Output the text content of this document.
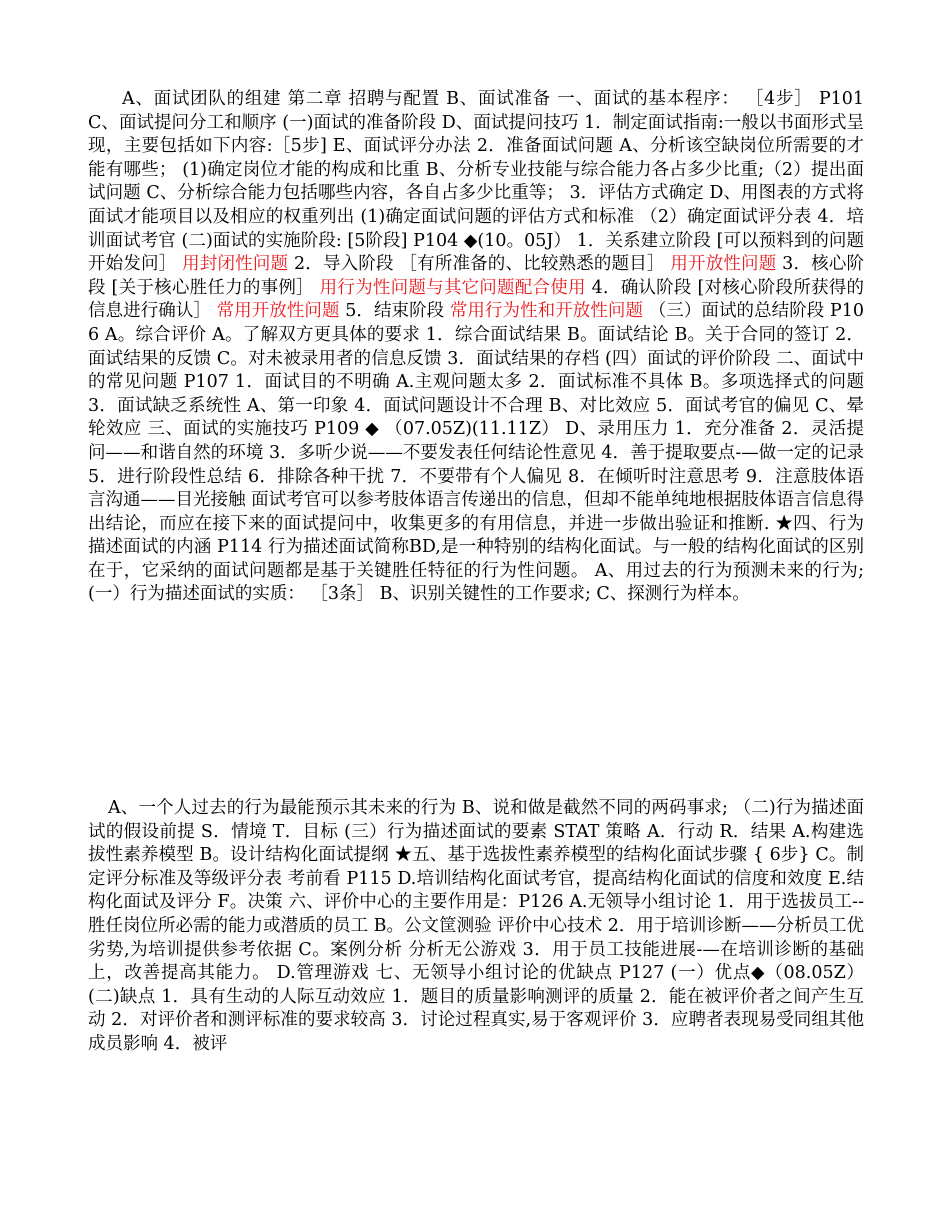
A、面试团队的组建 第二章 招聘与配置 B、面试准备 一、面试的基本程序： ［4步］ P101 C、面试提问分工和顺序 (一)面试的准备阶段 D、面试提问技巧 1．制定面试指南:一般以书面形式呈现，主要包括如下内容:［5步] E、面试评分办法 2．准备面试问题 A、分析该空缺岗位所需要的才能有哪些； (1)确定岗位才能的构成和比重 B、分析专业技能与综合能力各占多少比重;（2）提出面试问题 C、分析综合能力包括哪些内容，各自占多少比重等； 3．评估方式确定 D、用图表的方式将面试才能项目以及相应的权重列出 (1)确定面试问题的评估方式和标准 （2）确定面试评分表 4．培训面试考官 (二)面试的实施阶段: [5阶段] P104 ◆(10。05J） 1．关系建立阶段 [可以预料到的问题开始发问］ 用封闭性问题 2．导入阶段 ［有所准备的、比较熟悉的题目］ 用开放性问题 3．核心阶段 [关于核心胜任力的事例］ 用行为性问题与其它问题配合使用 4．确认阶段 [对核心阶段所获得的信息进行确认］ 常用开放性问题 5．结束阶段 常用行为性和开放性问题 （三）面试的总结阶段 P106 A。综合评价 A。了解双方更具体的要求 1．综合面试结果 B。面试结论 B。关于合同的签订 2．面试结果的反馈 C。对未被录用者的信息反馈 3．面试结果的存档 (四）面试的评价阶段 二、面试中的常见问题 P107 1．面试目的不明确 A.主观问题太多 2．面试标准不具体 B。多项选择式的问题 3．面试缺乏系统性 A、第一印象 4．面试问题设计不合理 B、对比效应 5．面试考官的偏见 C、晕轮效应 三、面试的实施技巧 P109 ◆ （07.05Z)(11.11Z） D、录用压力 1．充分准备 2．灵活提问——和谐自然的环境 3．多听少说——不要发表任何结论性意见 4．善于提取要点-—做一定的记录 5．进行阶段性总结 6．排除各种干扰 7．不要带有个人偏见 8．在倾听时注意思考 9．注意肢体语言沟通——目光接触 面试考官可以参考肢体语言传递出的信息，但却不能单纯地根据肢体语言信息得出结论，而应在接下来的面试提问中，收集更多的有用信息，并进一步做出验证和推断. ★四、行为描述面试的内涵 P114 行为描述面试简称BD,是一种特别的结构化面试。与一般的结构化面试的区别在于，它采纳的面试问题都是基于关键胜任特征的行为性问题。 A、用过去的行为预测未来的行为; (一）行为描述面试的实质： ［3条］ B、识别关键性的工作要求; C、探测行为样本。
A、一个人过去的行为最能预示其未来的行为 B、说和做是截然不同的两码事求; （二)行为描述面试的假设前提 S．情境 T．目标 (三）行为描述面试的要素 STAT 策略 A．行动 R．结果 A.构建选拔性素养模型 B。设计结构化面试提纲 ★五、基于选拔性素养模型的结构化面试步骤 { 6步} C。制定评分标准及等级评分表 考前看 P115 D.培训结构化面试考官，提高结构化面试的信度和效度 E.结构化面试及评分 F。决策 六、评价中心的主要作用是：P126 A.无领导小组讨论 1．用于选拔员工--胜任岗位所必需的能力或潜质的员工 B。公文筐测验 评价中心技术 2．用于培训诊断——分析员工优劣势,为培训提供参考依据 C。案例分析 分析无公游戏 3．用于员工技能进展-—在培训诊断的基础上，改善提高其能力。 D.管理游戏 七、无领导小组讨论的优缺点 P127 (一）优点◆（08.05Z） (二)缺点 1．具有生动的人际互动效应 1．题目的质量影响测评的质量 2．能在被评价者之间产生互动 2．对评价者和测评标准的要求较高 3．讨论过程真实,易于客观评价 3．应聘者表现易受同组其他成员影响 4．被评
